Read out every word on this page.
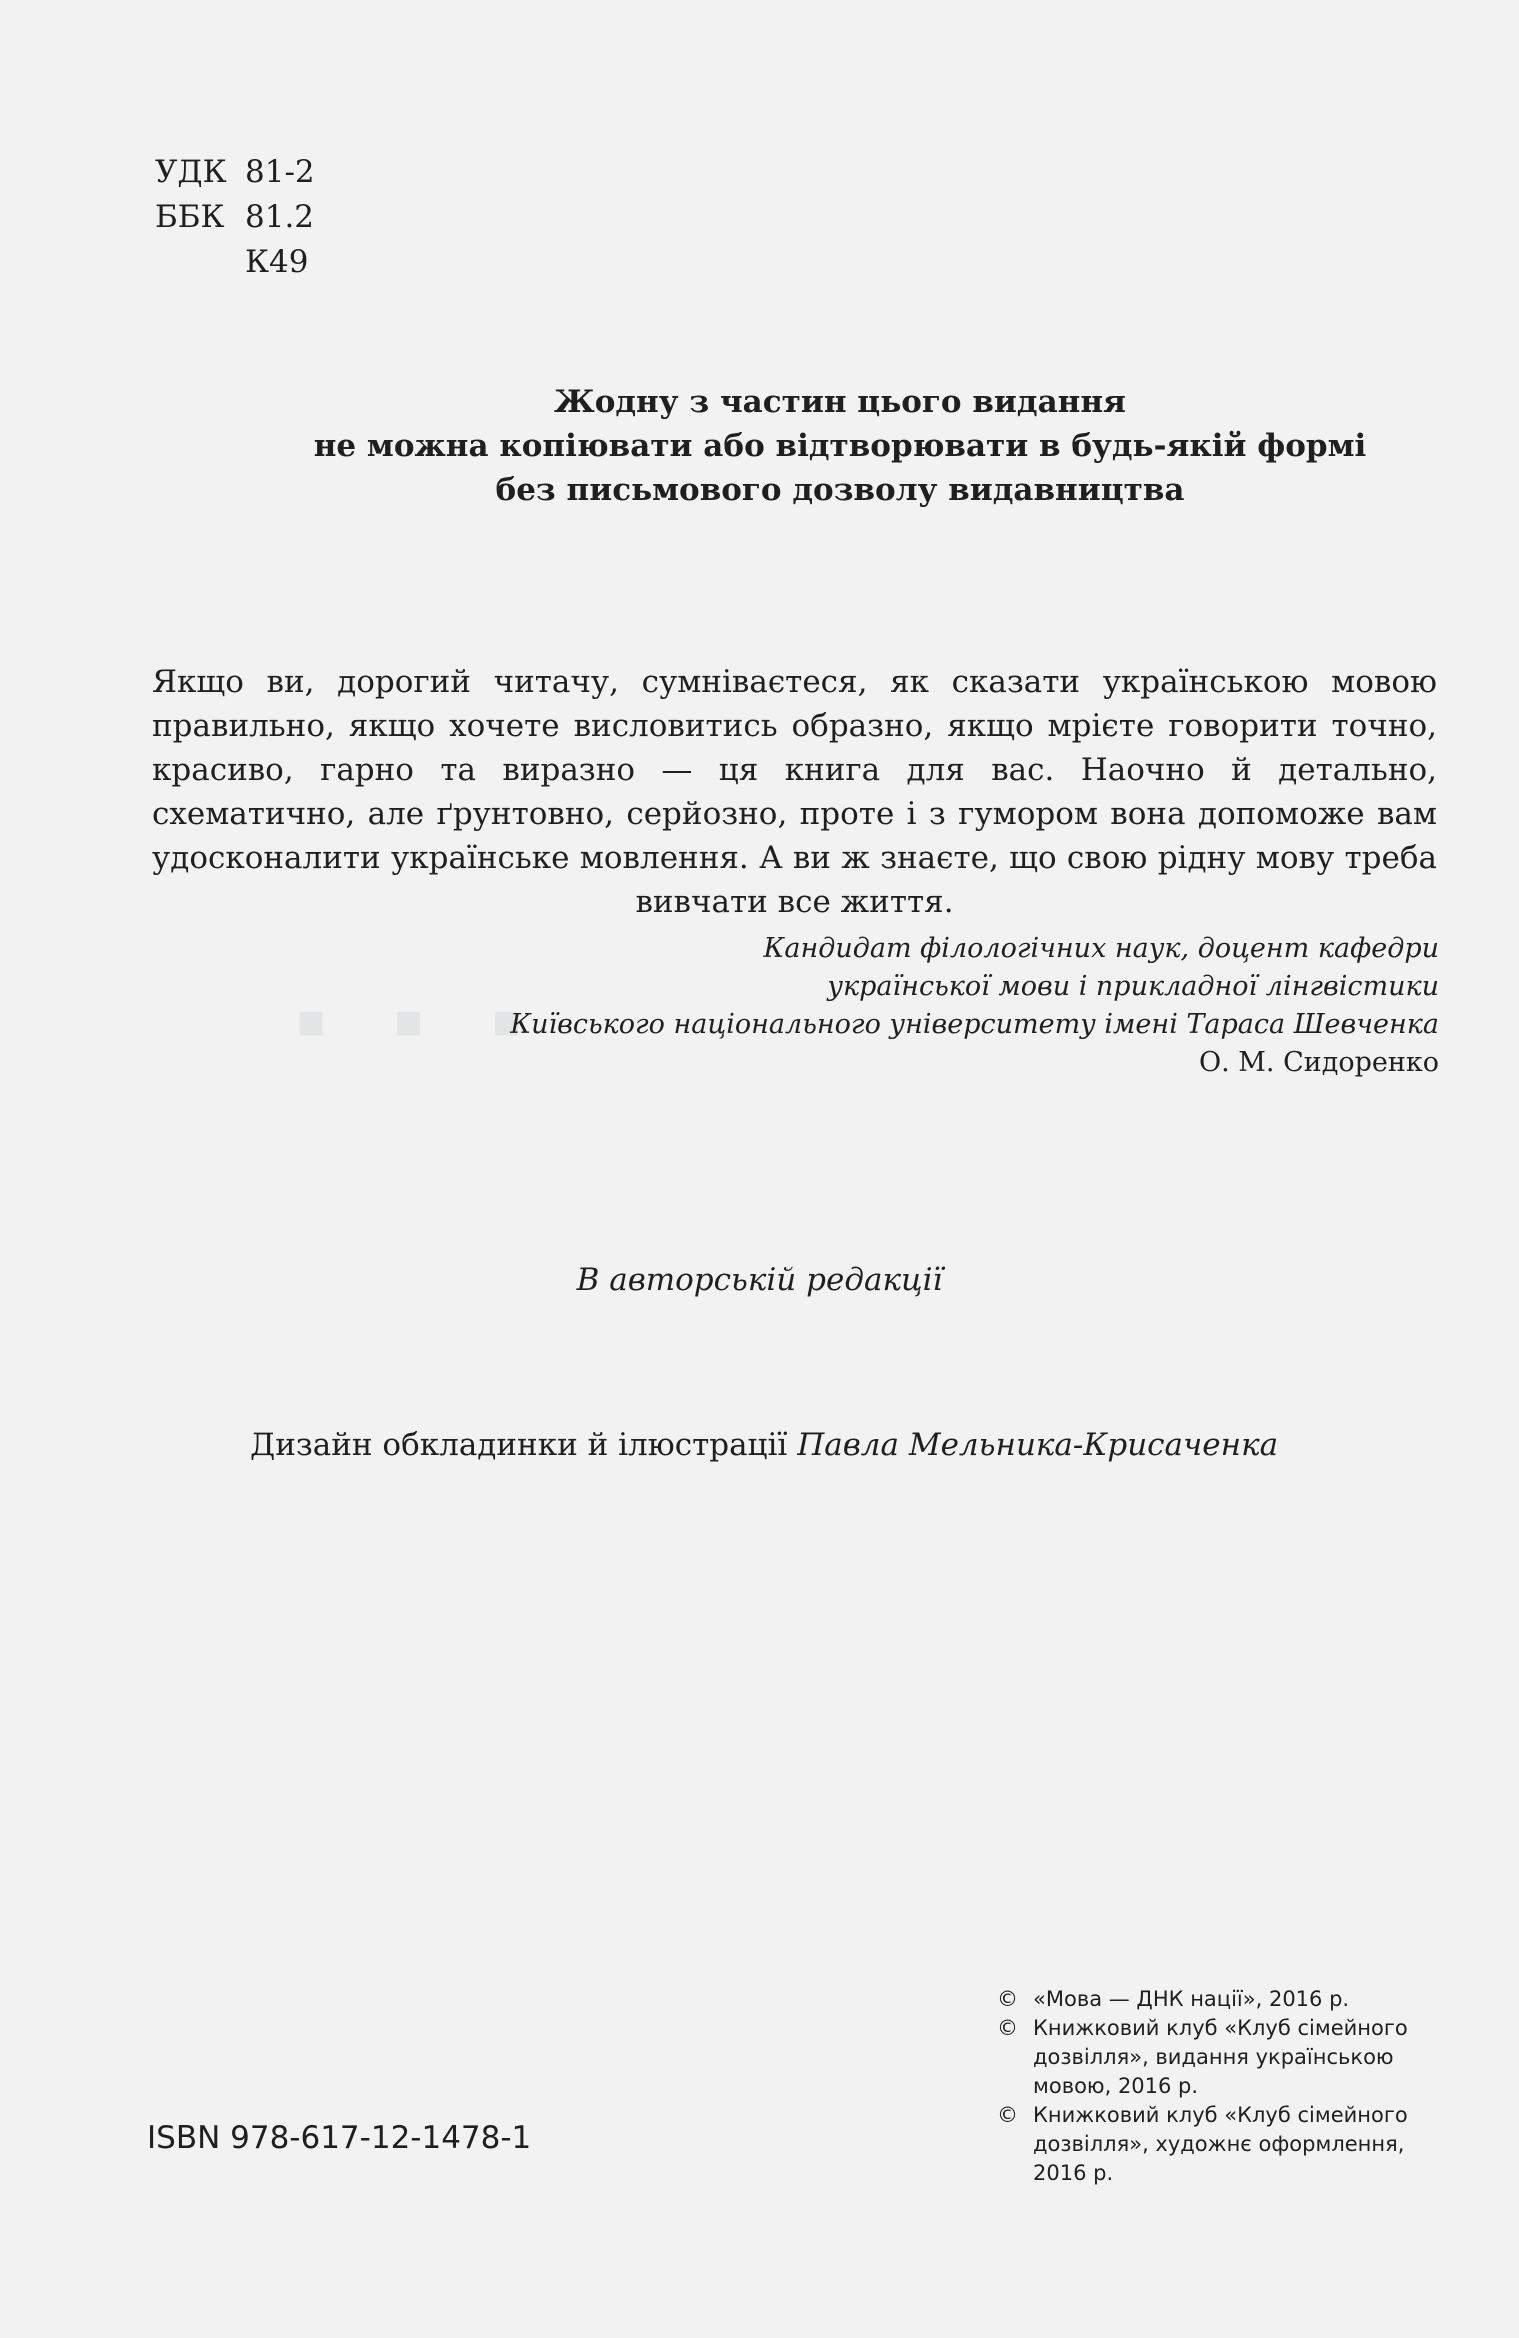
· · ·
УДК 81-2
ББК 81.2
К49
Жодну з частин цього видання
не можна копіювати або відтворювати в будь-якій формі
без письмового дозволу видавництва
Якщо ви, дорогий читачу, сумніваєтеся, як сказати українською мовою правильно, якщо хочете висловитись образно, якщо мрієте говорити точно, красиво, гарно та виразно — ця книга для вас. Наочно й детально, схематично, але ґрунтовно, серйозно, проте і з гумором вона допоможе вам удосконалити українське мовлення. А ви ж знаєте, що свою рідну мову треба вивчати все життя.
Кандидат філологічних наук, доцент кафедри
української мови і прикладної лінгвістики
Київського національного університету імені Тараса Шевченка
О. М. Сидоренко
В авторській редакції
Дизайн обкладинки й ілюстрації Павла Мельника-Крисаченка
ISBN 978-617-12-1478-1
© «Мова — ДНК нації», 2016 р.
© Книжковий клуб «Клуб сімейного дозвілля», видання українською мовою, 2016 р.
© Книжковий клуб «Клуб сімейного дозвілля», художнє оформлення, 2016 р.
